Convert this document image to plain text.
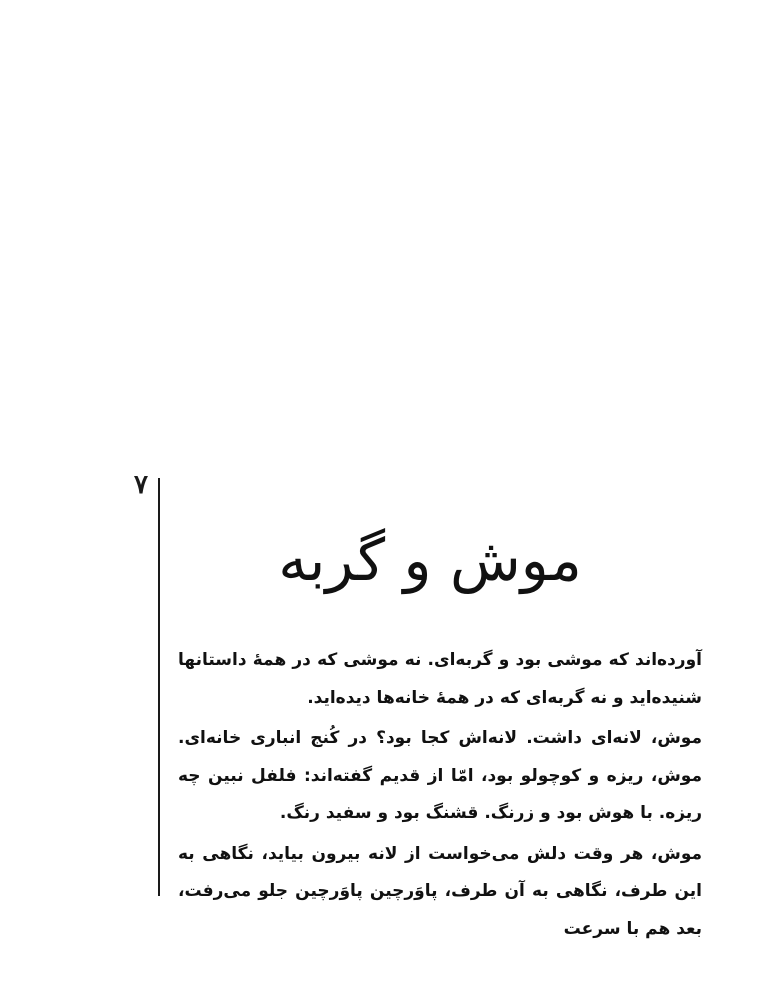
۷
موش و گربه

آورده‌اند که موشی بود و گربه‌ای. نه موشی که در همهٔ داستانها شنیده‌اید و نه گربه‌ای که در همهٔ خانه‌ها دیده‌اید.

موش، لانه‌ای داشت. لانه‌اش کجا بود؟ در کُنج انباری خانه‌ای. موش، ریزه و کوچولو بود، امّا از قدیم گفته‌اند: فلفل نبین چه ریزه. با هوش بود و زرنگ. قشنگ بود و سفید رنگ.

موش، هر وقت دلش می‌خواست از لانه بیرون بیاید، نگاهی به این طرف، نگاهی به آن طرف، پاوَرچین پاوَرچین جلو می‌رفت، بعد هم با سرعت
